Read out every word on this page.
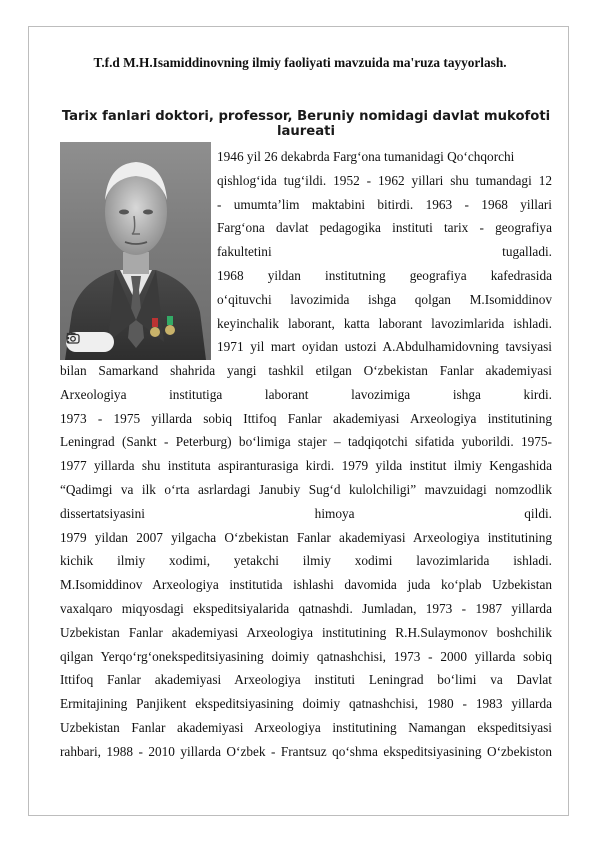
T.f.d M.H.Isamiddinovning ilmiy faoliyati mavzuida ma'ruza tayyorlash.
Tarix fanlari doktori, professor, Beruniy nomidagi davlat mukofoti laureati
1946 yil 26 dekabrda Farg‘ona tumanidagi Qo‘chqorchi
qishlog‘ida tug‘ildi. 1952 - 1962 yillari shu tumandagi 12
- umumta’lim maktabini bitirdi. 1963 - 1968 yillari
Farg‘ona davlat pedagogika instituti tarix - geografiya
fakultetini tugalladi.
1968 yildan institutning geografiya kafedrasida
o‘qituvchi lavozimida ishga qolgan M.Isomiddinov
keyinchalik laborant, katta laborant lavozimlarida ishladi.
1971 yil mart oyidan ustozi A.Abdulhamidovning tavsiyasi
bilan Samarkand shahrida yangi tashkil etilgan O‘zbekistan Fanlar akademiyasi
Arxeologiya institutiga laborant lavozimiga ishga kirdi.
1973 - 1975 yillarda sobiq Ittifoq Fanlar akademiyasi Arxeologiya institutining
Leningrad (Sankt - Peterburg) bo‘limiga stajer – tadqiqotchi sifatida yuborildi. 1975-
1977 yillarda shu instituta aspiranturasiga kirdi. 1979 yilda institut ilmiy Kengashida
“Qadimgi va ilk o‘rta asrlardagi Janubiy Sug‘d kulolchiligi” mavzuidagi nomzodlik
dissertatsiyasini himoya qildi.
1979 yildan 2007 yilgacha O‘zbekistan Fanlar akademiyasi Arxeologiya institutining
kichik ilmiy xodimi, yetakchi ilmiy xodimi lavozimlarida ishladi.
M.Isomiddinov Arxeologiya institutida ishlashi davomida juda ko‘plab Uzbekistan
vaxalqaro miqyosdagi ekspeditsiyalarida qatnashdi. Jumladan, 1973 - 1987 yillarda
Uzbekistan Fanlar akademiyasi Arxeologiya institutining R.H.Sulaymonov boshchilik
qilgan Yerqo‘rg‘onekspeditsiyasining doimiy qatnashchisi, 1973 - 2000 yillarda sobiq
Ittifoq Fanlar akademiyasi Arxeologiya instituti Leningrad bo‘limi va Davlat
Ermitajining Panjikent ekspeditsiyasining doimiy qatnashchisi, 1980 - 1983 yillarda
Uzbekistan Fanlar akademiyasi Arxeologiya institutining Namangan ekspeditsiyasi
rahbari, 1988 - 2010 yillarda O‘zbek - Frantsuz qo‘shma ekspeditsiyasining O‘zbekiston
